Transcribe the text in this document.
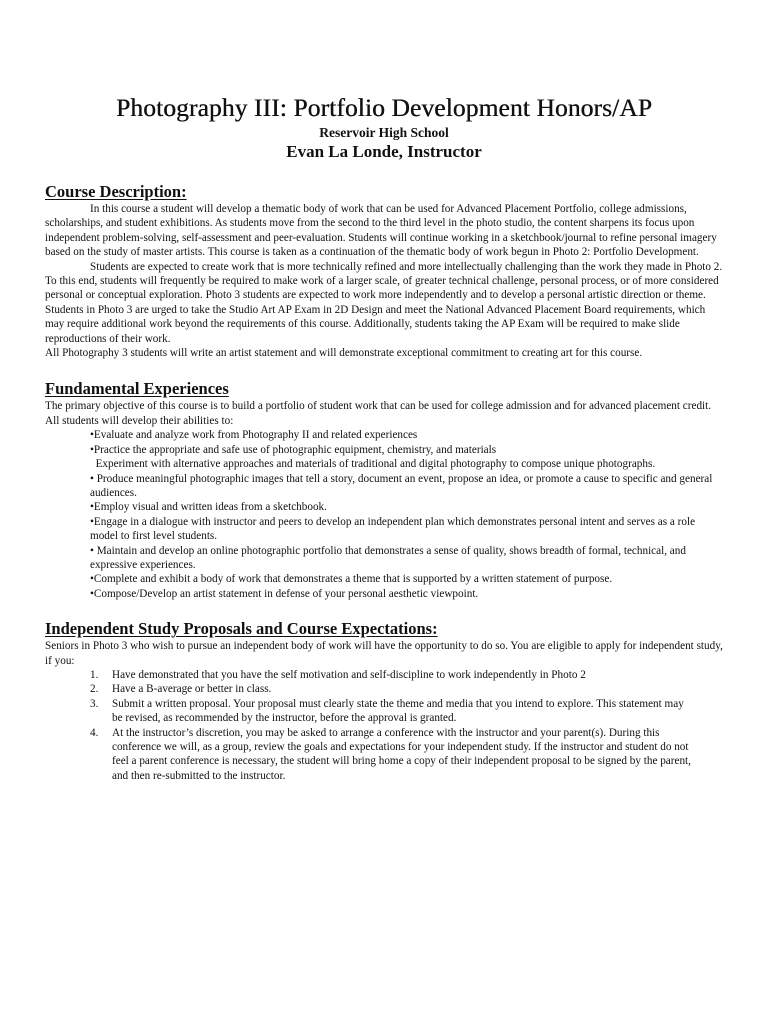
Photography III: Portfolio Development Honors/AP
Reservoir High School
Evan La Londe, Instructor
Course Description:

In this course a student will develop a thematic body of work that can be used for Advanced Placement Portfolio, college admissions, scholarships, and student exhibitions. As students move from the second to the third level in the photo studio, the content sharpens its focus upon independent problem-solving, self-assessment and peer-evaluation. Students will continue working in a sketchbook/journal to refine personal imagery based on the study of master artists. This course is taken as a continuation of the thematic body of work begun in Photo 2: Portfolio Development.

Students are expected to create work that is more technically refined and more intellectually challenging than the work they made in Photo 2. To this end, students will frequently be required to make work of a larger scale, of greater technical challenge, personal process, or of more considered personal or conceptual exploration. Photo 3 students are expected to work more independently and to develop a personal artistic direction or theme. Students in Photo 3 are urged to take the Studio Art AP Exam in 2D Design and meet the National Advanced Placement Board requirements, which may require additional work beyond the requirements of this course. Additionally, students taking the AP Exam will be required to make slide reproductions of their work.

All Photography 3 students will write an artist statement and will demonstrate exceptional commitment to creating art for this course.

Fundamental Experiences

The primary objective of this course is to build a portfolio of student work that can be used for college admission and for advanced placement credit. All students will develop their abilities to:

•Evaluate and analyze work from Photography II and related experiences
•Practice the appropriate and safe use of photographic equipment, chemistry, and materials
Experiment with alternative approaches and materials of traditional and digital photography to compose unique photographs.
• Produce meaningful photographic images that tell a story, document an event, propose an idea, or promote a cause to specific and general audiences.
•Employ visual and written ideas from a sketchbook.
•Engage in a dialogue with instructor and peers to develop an independent plan which demonstrates personal intent and serves as a role model to first level students.
• Maintain and develop an online photographic portfolio that demonstrates a sense of quality, shows breadth of formal, technical, and expressive experiences.
•Complete and exhibit a body of work that demonstrates a theme that is supported by a written statement of purpose.
•Compose/Develop an artist statement in defense of your personal aesthetic viewpoint.
Independent Study Proposals and Course Expectations:

Seniors in Photo 3 who wish to pursue an independent body of work will have the opportunity to do so. You are eligible to apply for independent study, if you:

1.	Have demonstrated that you have the self motivation and self-discipline to work independently in Photo 2
2.	Have a B-average or better in class.
3.	Submit a written proposal. Your proposal must clearly state the theme and media that you intend to explore. This statement may be revised, as recommended by the instructor, before the approval is granted.
4.	At the instructor’s discretion, you may be asked to arrange a conference with the instructor and your parent(s). During this conference we will, as a group, review the goals and expectations for your independent study. If the instructor and student do not feel a parent conference is necessary, the student will bring home a copy of their independent proposal to be signed by the parent, and then re-submitted to the instructor.
